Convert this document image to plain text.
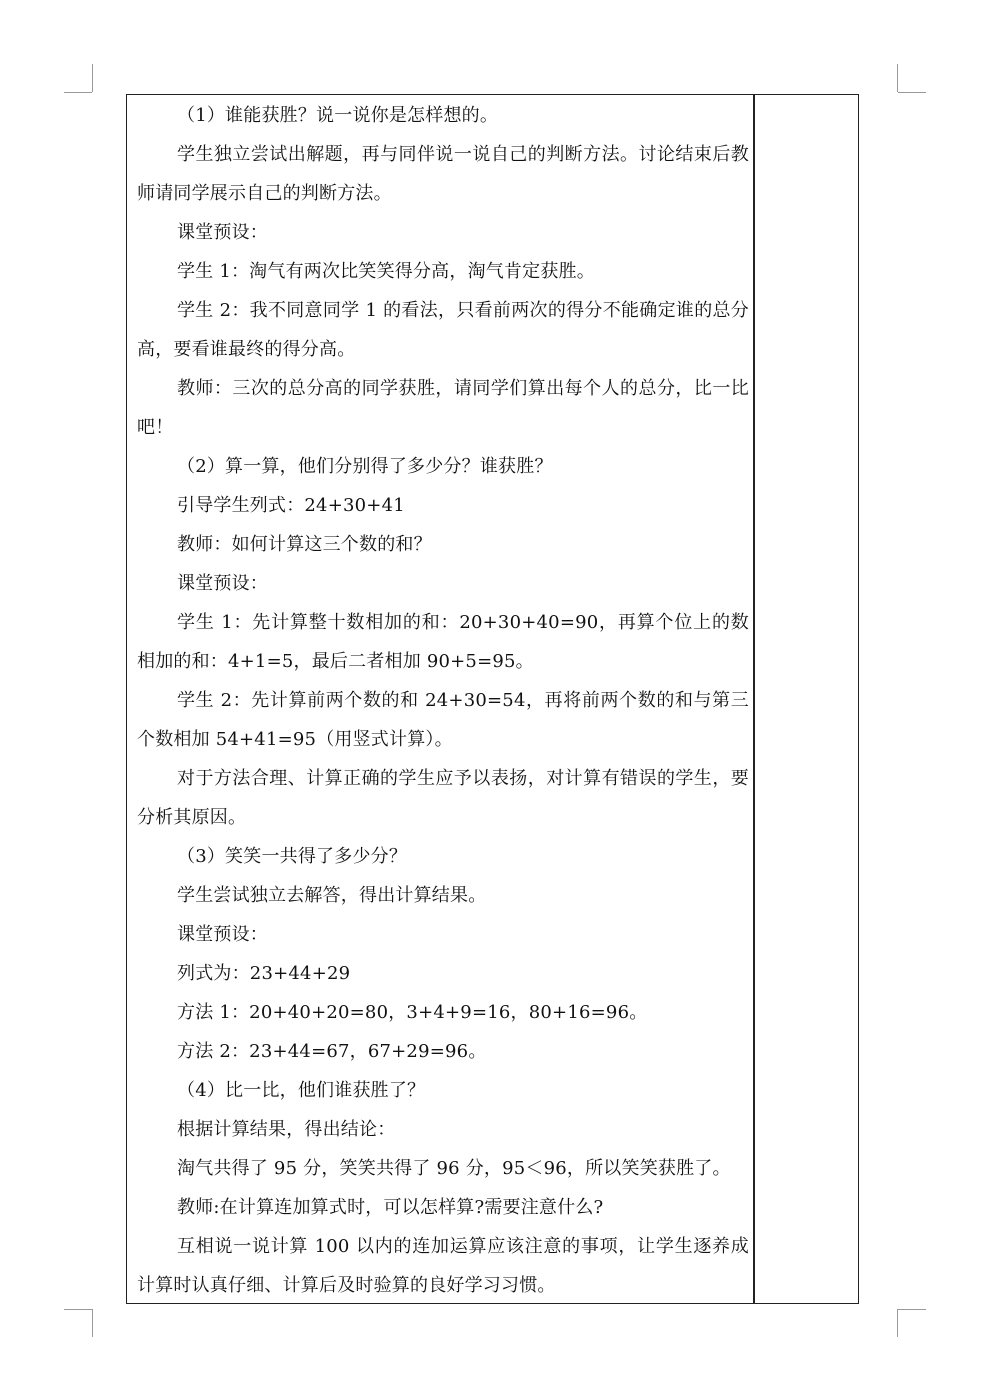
（1）谁能获胜？说一说你是怎样想的。

学生独立尝试出解题，再与同伴说一说自己的判断方法。讨论结束后教师请同学展示自己的判断方法。

课堂预设：

学生 1：淘气有两次比笑笑得分高，淘气肯定获胜。

学生 2：我不同意同学 1 的看法，只看前两次的得分不能确定谁的总分高，要看谁最终的得分高。

教师：三次的总分高的同学获胜，请同学们算出每个人的总分，比一比吧！

（2）算一算，他们分别得了多少分？谁获胜？

引导学生列式：24+30+41

教师：如何计算这三个数的和？

课堂预设：

学生 1：先计算整十数相加的和：20+30+40=90，再算个位上的数相加的和：4+1=5，最后二者相加 90+5=95。

学生 2：先计算前两个数的和 24+30=54，再将前两个数的和与第三个数相加 54+41=95（用竖式计算）。

对于方法合理、计算正确的学生应予以表扬，对计算有错误的学生，要分析其原因。

（3）笑笑一共得了多少分？

学生尝试独立去解答，得出计算结果。

课堂预设：

列式为：23+44+29

方法 1：20+40+20=80，3+4+9=16，80+16=96。

方法 2：23+44=67，67+29=96。

（4）比一比，他们谁获胜了？

根据计算结果，得出结论：

淘气共得了 95 分，笑笑共得了 96 分，95＜96，所以笑笑获胜了。

教师:在计算连加算式时，可以怎样算?需要注意什么?

互相说一说计算 100 以内的连加运算应该注意的事项，让学生逐养成计算时认真仔细、计算后及时验算的良好学习习惯。
